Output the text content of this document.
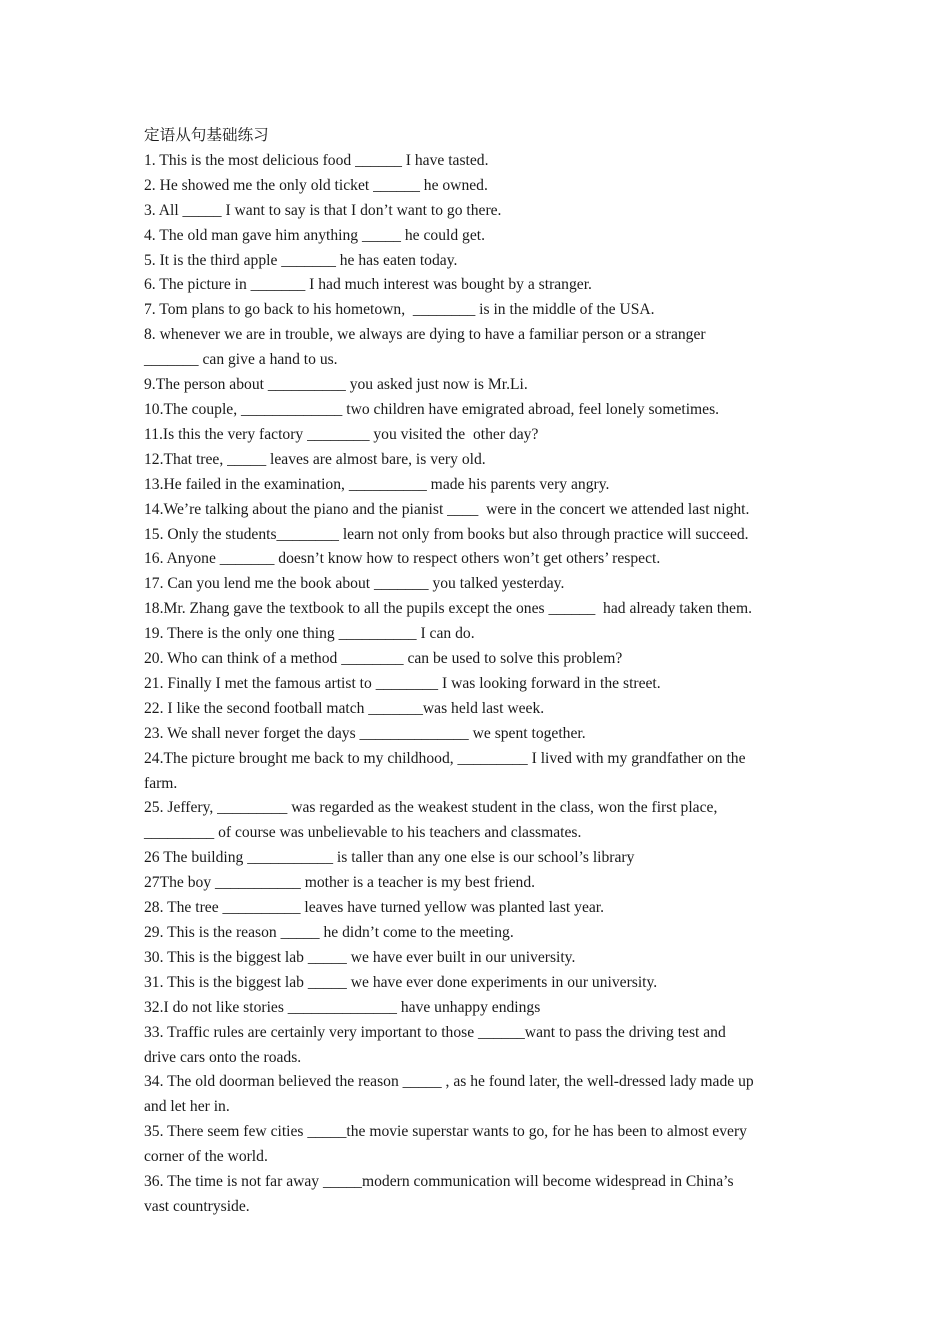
定语从句基础练习

1. This is the most delicious food ______ I have tasted.

2. He showed me the only old ticket ______ he owned.

3. All _____ I want to say is that I don’t want to go there.

4. The old man gave him anything _____ he could get.

5. It is the third apple _______ he has eaten today.

6. The picture in _______ I had much interest was bought by a stranger.

7. Tom plans to go back to his hometown,  ________ is in the middle of the USA.

8. whenever we are in trouble, we always are dying to have a familiar person or a stranger

_______ can give a hand to us.

9.The person about __________ you asked just now is Mr.Li.

10.The couple, _____________ two children have emigrated abroad, feel lonely sometimes.

11.Is this the very factory ________ you visited the  other day?

12.That tree, _____ leaves are almost bare, is very old.

13.He failed in the examination, __________ made his parents very angry.

14.We’re talking about the piano and the pianist ____  were in the concert we attended last night.

15. Only the students________ learn not only from books but also through practice will succeed.

16. Anyone _______ doesn’t know how to respect others won’t get others’ respect.

17. Can you lend me the book about _______ you talked yesterday.

18.Mr. Zhang gave the textbook to all the pupils except the ones ______  had already taken them.

19. There is the only one thing __________ I can do.

20. Who can think of a method ________ can be used to solve this problem?

21. Finally I met the famous artist to ________ I was looking forward in the street.

22. I like the second football match _______was held last week.

23. We shall never forget the days ______________ we spent together.

24.The picture brought me back to my childhood, _________ I lived with my grandfather on the

farm.

25. Jeffery, _________ was regarded as the weakest student in the class, won the first place,

_________ of course was unbelievable to his teachers and classmates.

26 The building ___________ is taller than any one else is our school’s library

27The boy ___________ mother is a teacher is my best friend.

28. The tree __________ leaves have turned yellow was planted last year.

29. This is the reason _____ he didn’t come to the meeting.

30. This is the biggest lab _____ we have ever built in our university.

31. This is the biggest lab _____ we have ever done experiments in our university.

32.I do not like stories ______________ have unhappy endings

33. Traffic rules are certainly very important to those ______want to pass the driving test and

drive cars onto the roads.

34. The old doorman believed the reason _____ , as he found later, the well-dressed lady made up

and let her in.

35. There seem few cities _____the movie superstar wants to go, for he has been to almost every

corner of the world.

36. The time is not far away _____modern communication will become widespread in China’s

vast countryside.
